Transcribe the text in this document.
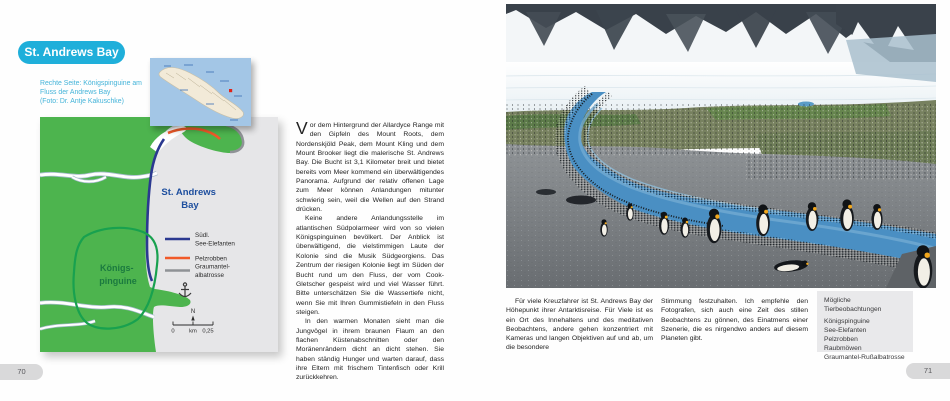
St. Andrews Bay
Rechte Seite: Königspinguine am
Fluss der Andrews Bay
(Foto: Dr. Antje Kakuschke)
St. Andrews Bay
Königs- pinguine
Südl.
See-Elefanten
Pelzrobben
Graumantel-
albatrosse
N
0	km 0,25

Vor dem Hintergrund der Allardyce Range mit den Gipfeln des Mount Roots, dem Nordenskjöld Peak, dem Mount Kling und dem Mount Brooker liegt die malerische St. Andrews Bay. Die Bucht ist 3,1 Kilometer breit und bietet bereits vom Meer kommend ein überwältigendes Panorama. Aufgrund der relativ offenen Lage zum Meer können Anlandungen mitunter schwierig sein, weil die Wellen auf den Strand drücken.

Keine andere Anlandungsstelle im atlantischen Südpolarmeer wird von so vielen Königspinguinen bevölkert. Der Anblick ist überwältigend, die vielstimmigen Laute der Kolonie sind die Musik Südgeorgiens. Das Zentrum der riesigen Kolonie liegt im Süden der Bucht rund um den Fluss, der vom Cook-Gletscher gespeist wird und viel Wasser führt. Bitte unterschätzen Sie die Wassertiefe nicht, wenn Sie mit Ihren Gummistiefeln in den Fluss steigen.

In den warmen Monaten sieht man die Jungvögel in ihrem braunen Flaum an den flachen Küstenabschnitten oder den Moränenrändern dicht an dicht stehen. Sie haben ständig Hunger und warten darauf, dass ihre Eltern mit frischem Tintenfisch oder Krill zurückkehren.

70

Für viele Kreuzfahrer ist St. Andrews Bay der Höhepunkt ihrer Antarktisreise. Für Viele ist es ein Ort des Innehaltens und des meditativen Beobachtens, andere gehen konzentriert mit Kameras und langen Objektiven auf und ab, um die besondere

Stimmung festzuhalten. Ich empfehle den Fotografen, sich auch eine Zeit des stillen Beobachtens zu gönnen, des Einatmens einer Szenerie, die es nirgendwo anders auf diesem Planeten gibt.

Mögliche Tierbeobachtungen
Königspinguine
See-Elefanten
Pelzrobben
Raubmöwen
Graumantel-Rußalbatrosse
71
